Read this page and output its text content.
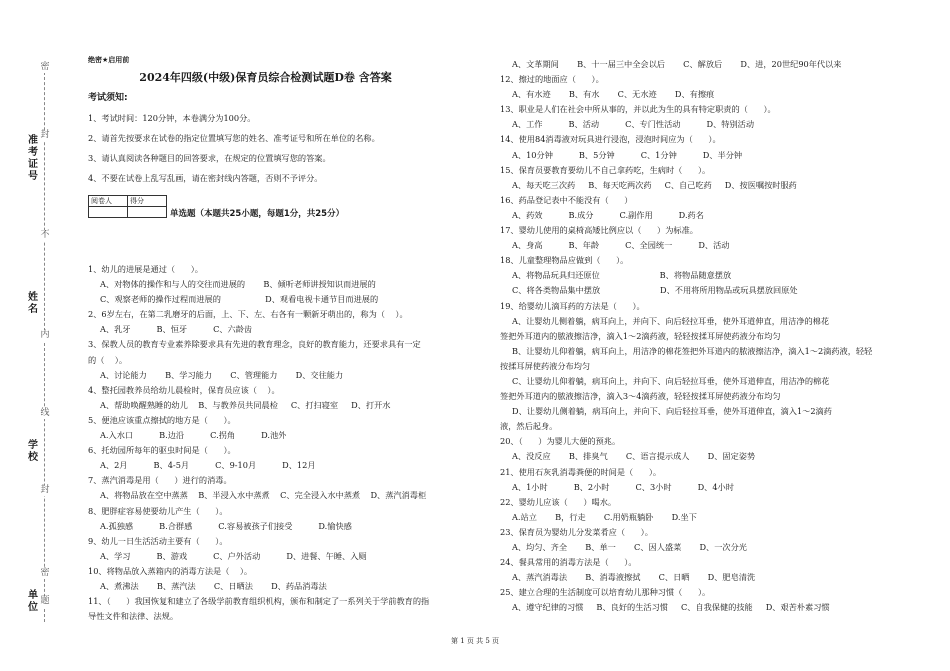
准考证号
姓名
学校
单位
密
封
不
内
线
封
密
题
绝密★启用前
2024年四级(中级)保育员综合检测试题D卷 含答案
考试须知:
1、考试时间：120分钟，本卷满分为100分。
2、请首先按要求在试卷的指定位置填写您的姓名、准考证号和所在单位的名称。
3、请认真阅读各种题目的回答要求，在规定的位置填写您的答案。
4、不要在试卷上乱写乱画，请在密封线内答题，否则不予评分。
阅卷人	得分

单选题（本题共25小题，每题1分，共25分）
1、幼儿的进展是通过（      ）。
A、对物体的操作和与人的交往而进展的       B、倾听老师讲授知识而进展的
C、观察老师的操作过程而进展的                 D、观看电视卡通节目而进展的
2、6岁左右，在第二乳磨牙的后面，上、下、左、右各有一颗新牙萌出的，称为（    ）。
A、乳牙          B、恒牙          C、六龄齿
3、保教人员的教育专业素养除要求具有先进的教育理念，良好的教育能力，还要求具有一定
的（    ）。
A、讨论能力       B、学习能力       C、管理能力       D、交往能力
4、整托园教养员给幼儿晨检时，保育员应该（    ）。
A、帮助唤醒熟睡的幼儿    B、与教养员共同晨检     C、打扫寝室     D、打开水
5、便池应该重点擦拭的地方是（      ）。
A.入水口          B.边沿          C.拐角          D.池外
6、托幼园所每年的驱虫时间是（      ）。
A、2月          B、4-5月          C、9-10月          D、12月
7、蒸汽消毒是用（      ）进行的消毒。
A、将物品放在空中蒸蒸    B、半浸入水中蒸煮    C、完全浸入水中蒸煮    D、蒸汽消毒柜
8、肥胖症容易使要幼儿产生（      ）。
A.孤独感          B.合群感          C.容易被孩子们接受          D.愉快感
9、幼儿一日生活活动主要有（      ）。
A、学习          B、游戏          C、户外活动          D、进餐、午睡、入厕
10、将物品放入蒸箱内的消毒方法是（    ）。
A、煮沸法       B、蒸汽法       C、日晒法       D、药品消毒法
11、（      ）我国恢复和建立了各级学前教育组织机构，颁布和制定了一系列关于学前教育的指
导性文件和法律、法规。
A、文革期间       B、十一届三中全会以后       C、解放后       D、进，20世纪90年代以来
12、擦过的地面应（      ）。
A、有水迹       B、有水       C、无水迹       D、有擦痕
13、职业是人们在社会中所从事的，并以此为生的具有特定职责的（      ）。
A、工作          B、活动          C、专门性活动          D、特别活动
14、使用84消毒液对玩具进行浸泡，浸泡时间应为（      ）。
A、10分钟          B、5分钟          C、1分钟          D、半分钟
15、保育员要教育要幼儿不自己拿药吃，生病时（      ）。
A、每天吃三次药     B、每天吃两次药     C、自己吃药     D、按医嘱按时服药
16、药品登记表中不能没有（      ）
A、药效          B.成分          C.副作用          D.药名
17、婴幼儿使用的桌椅高矮比例应以（      ）为标准。
A、身高          B、年龄          C、全园统一          D、活动
18、儿童整理物品应做到（      ）。
A、将物品玩具归还原位                       B、将物品随意摆放
C、将各类物品集中摆放                       D、不用将所用物品或玩具摆放回原处
19、给婴幼儿滴耳药的方法是（      ）。
A、让婴幼儿侧着躺，病耳向上，并向下、向后轻拉耳垂，使外耳道伸直，用洁净的棉花
签把外耳道内的脓液擦洁净，滴入1～2滴药液，轻轻按揉耳屏使药液分布均匀
B、让婴幼儿仰着躺，病耳向上，用洁净的棉花签把外耳道内的脓液擦洁净，滴入1～2滴药液，轻轻
按揉耳屏使药液分布均匀
C、让婴幼儿仰着躺，病耳向上，并向下、向后轻拉耳垂，使外耳道伸直，用洁净的棉花
签把外耳道内的脓液擦洁净，滴入3～4滴药液，轻轻按揉耳屏使药液分布均匀
D、让婴幼儿侧着躺，病耳向上，并向下、向后轻拉耳垂，使外耳道伸直，滴入1～2滴药
液，然后起身。
20、（      ）为婴儿大便的预兆。
A、没反应       B、排臭气       C、语言提示成人       D、固定姿势
21、使用石灰乳消毒粪便的时间是（      ）。
A、1小时          B、2小时          C、3小时          D、4小时
22、婴幼儿应该（      ）喝水。
A.站立       B，行走       C.用奶瓶躺卧       D.坐下
23、保育员为婴幼儿分发菜肴应（      ）。
A、均匀、齐全       B、单一       C、因人盛菜       D、一次分光
24、餐具常用的消毒方法是（      ）。
A、蒸汽消毒法       B、消毒液擦拭       C、日晒       D、肥皂清洗
25、建立合理的生活制度可以培育幼儿那种习惯（      ）。
A、遵守纪律的习惯     B、良好的生活习惯     C、自我保健的技能     D、艰苦朴素习惯
第 1 页 共 5 页
